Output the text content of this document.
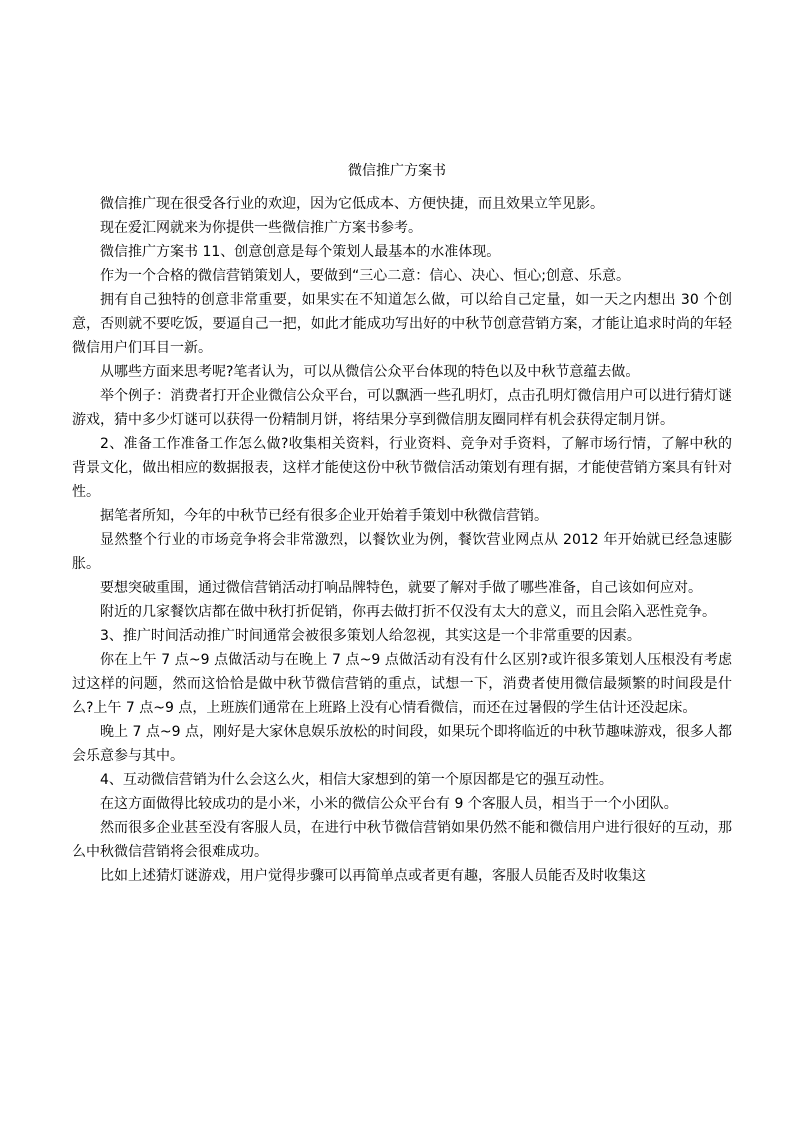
微信推广方案书

微信推广现在很受各行业的欢迎，因为它低成本、方便快捷，而且效果立竿见影。

现在爱汇网就来为你提供一些微信推广方案书参考。

微信推广方案书 11、创意创意是每个策划人最基本的水准体现。

作为一个合格的微信营销策划人，要做到“三心二意：信心、决心、恒心;创意、乐意。

拥有自己独特的创意非常重要，如果实在不知道怎么做，可以给自己定量，如一天之内想出 30 个创意，否则就不要吃饭，要逼自己一把，如此才能成功写出好的中秋节创意营销方案，才能让追求时尚的年轻微信用户们耳目一新。

从哪些方面来思考呢?笔者认为，可以从微信公众平台体现的特色以及中秋节意蕴去做。

举个例子：消费者打开企业微信公众平台，可以飘洒一些孔明灯，点击孔明灯微信用户可以进行猜灯谜游戏，猜中多少灯谜可以获得一份精制月饼，将结果分享到微信朋友圈同样有机会获得定制月饼。

2、准备工作准备工作怎么做?收集相关资料，行业资料、竞争对手资料，了解市场行情，了解中秋的背景文化，做出相应的数据报表，这样才能使这份中秋节微信活动策划有理有据，才能使营销方案具有针对性。

据笔者所知，今年的中秋节已经有很多企业开始着手策划中秋微信营销。

显然整个行业的市场竞争将会非常激烈，以餐饮业为例，餐饮营业网点从 2012 年开始就已经急速膨胀。

要想突破重围，通过微信营销活动打响品牌特色，就要了解对手做了哪些准备，自己该如何应对。

附近的几家餐饮店都在做中秋打折促销，你再去做打折不仅没有太大的意义，而且会陷入恶性竞争。

3、推广时间活动推广时间通常会被很多策划人给忽视，其实这是一个非常重要的因素。

你在上午 7 点~9 点做活动与在晚上 7 点~9 点做活动有没有什么区别?或许很多策划人压根没有考虑过这样的问题，然而这恰恰是做中秋节微信营销的重点，试想一下，消费者使用微信最频繁的时间段是什么?上午 7 点~9 点，上班族们通常在上班路上没有心情看微信，而还在过暑假的学生估计还没起床。

晚上 7 点~9 点，刚好是大家休息娱乐放松的时间段，如果玩个即将临近的中秋节趣味游戏，很多人都会乐意参与其中。

4、互动微信营销为什么会这么火，相信大家想到的第一个原因都是它的强互动性。

在这方面做得比较成功的是小米，小米的微信公众平台有 9 个客服人员，相当于一个小团队。

然而很多企业甚至没有客服人员，在进行中秋节微信营销如果仍然不能和微信用户进行很好的互动，那么中秋微信营销将会很难成功。

比如上述猜灯谜游戏，用户觉得步骤可以再简单点或者更有趣，客服人员能否及时收集这
